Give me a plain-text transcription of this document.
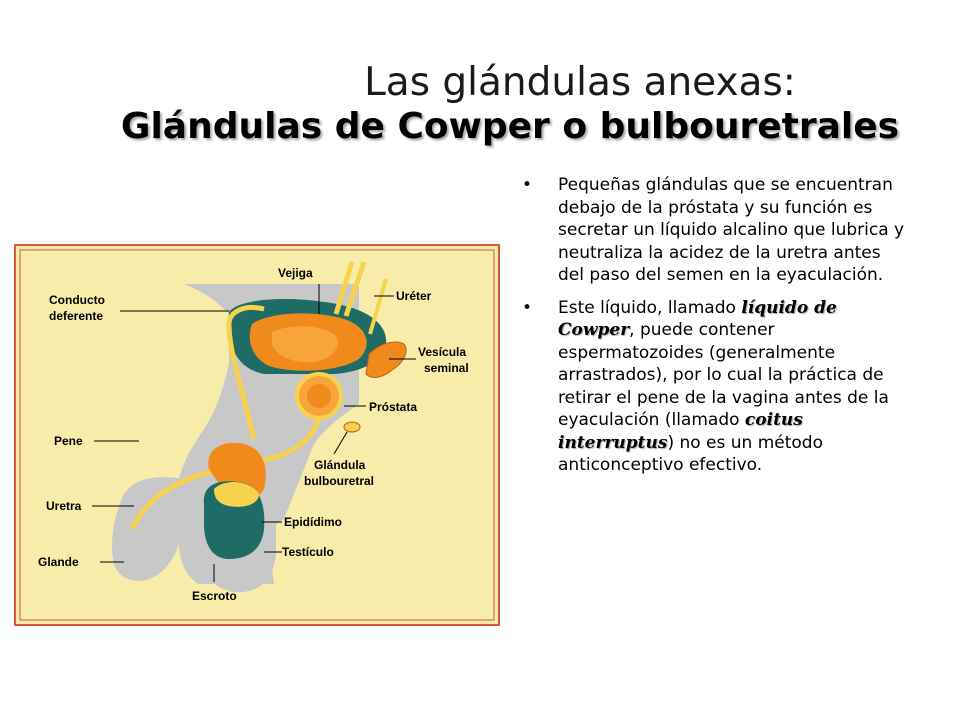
Las glándulas anexas:
Glándulas de Cowper o bulbouretrales
Vejiga
Uréter
Conducto
deferente
Vesícula
seminal
Próstata
Pene
Glándula
bulbouretral
Uretra
Epidídimo
Testículo
Glande
Escroto
• Pequeñas glándulas que se encuentran debajo de la próstata y su función es secretar un líquido alcalino que lubrica y neutraliza la acidez de la uretra antes del paso del semen en la eyaculación.
• Este líquido, llamado líquido de Cowper, puede contener espermatozoides (generalmente arrastrados), por lo cual la práctica de retirar el pene de la vagina antes de la eyaculación (llamado coitus interruptus) no es un método anticonceptivo efectivo.
